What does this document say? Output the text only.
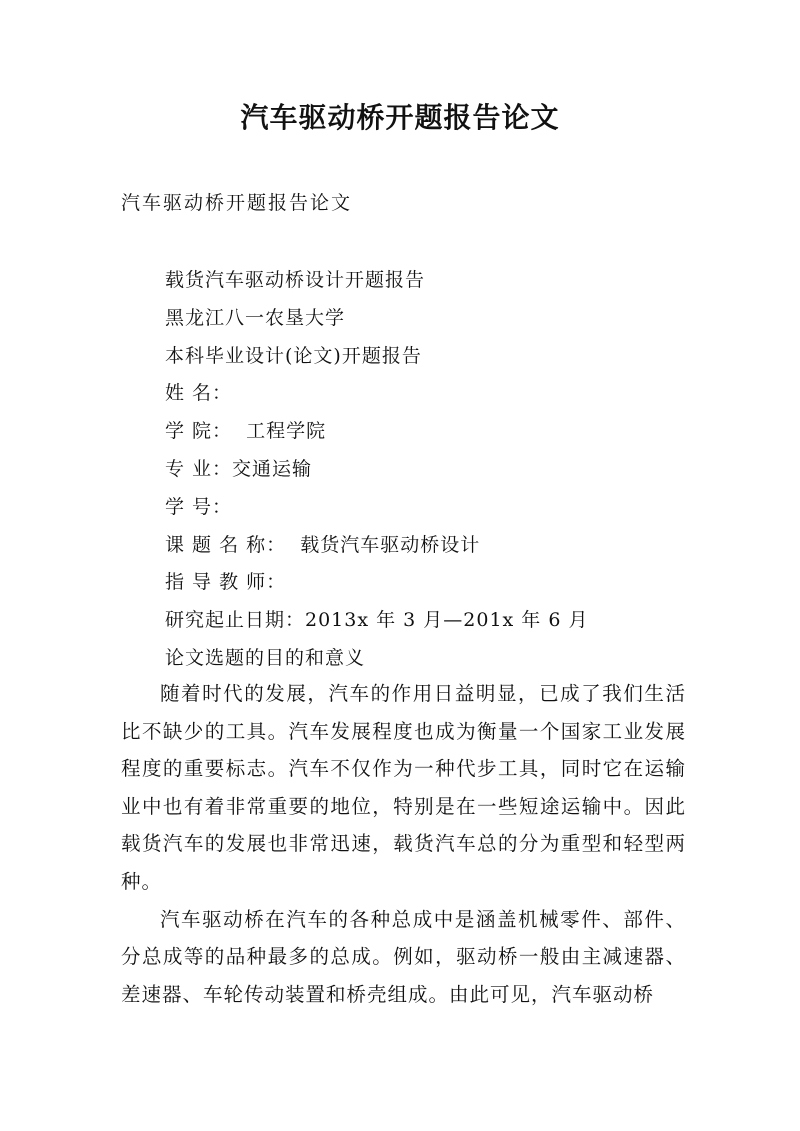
汽车驱动桥开题报告论文
汽车驱动桥开题报告论文
载货汽车驱动桥设计开题报告
黑龙江八一农垦大学
本科毕业设计(论文)开题报告
姓 名：
学 院：  工程学院
专 业：交通运输
学 号：
课 题 名 称：  载货汽车驱动桥设计
指 导 教 师：
研究起止日期：2013x 年 3 月—201x 年 6 月
论文选题的目的和意义

随着时代的发展，汽车的作用日益明显，已成了我们生活比不缺少的工具。汽车发展程度也成为衡量一个国家工业发展程度的重要标志。汽车不仅作为一种代步工具，同时它在运输业中也有着非常重要的地位，特别是在一些短途运输中。因此载货汽车的发展也非常迅速，载货汽车总的分为重型和轻型两种。

汽车驱动桥在汽车的各种总成中是涵盖机械零件、部件、分总成等的品种最多的总成。例如，驱动桥一般由主减速器、差速器、车轮传动装置和桥壳组成。由此可见，汽车驱动桥
